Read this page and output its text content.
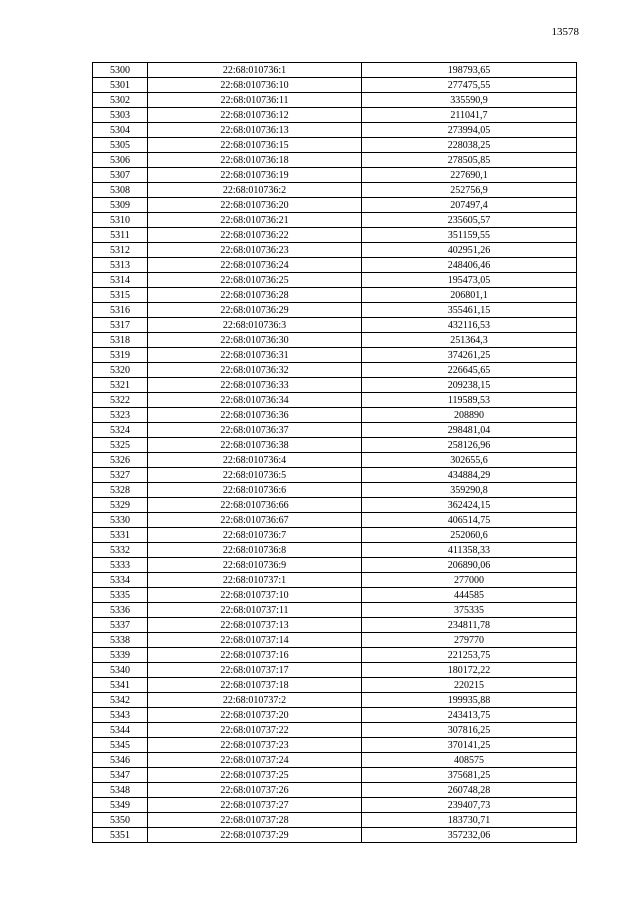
13578
5300	22:68:010736:1	198793,65
5301	22:68:010736:10	277475,55
5302	22:68:010736:11	335590,9
5303	22:68:010736:12	211041,7
5304	22:68:010736:13	273994,05
5305	22:68:010736:15	228038,25
5306	22:68:010736:18	278505,85
5307	22:68:010736:19	227690,1
5308	22:68:010736:2	252756,9
5309	22:68:010736:20	207497,4
5310	22:68:010736:21	235605,57
5311	22:68:010736:22	351159,55
5312	22:68:010736:23	402951,26
5313	22:68:010736:24	248406,46
5314	22:68:010736:25	195473,05
5315	22:68:010736:28	206801,1
5316	22:68:010736:29	355461,15
5317	22:68:010736:3	432116,53
5318	22:68:010736:30	251364,3
5319	22:68:010736:31	374261,25
5320	22:68:010736:32	226645,65
5321	22:68:010736:33	209238,15
5322	22:68:010736:34	119589,53
5323	22:68:010736:36	208890
5324	22:68:010736:37	298481,04
5325	22:68:010736:38	258126,96
5326	22:68:010736:4	302655,6
5327	22:68:010736:5	434884,29
5328	22:68:010736:6	359290,8
5329	22:68:010736:66	362424,15
5330	22:68:010736:67	406514,75
5331	22:68:010736:7	252060,6
5332	22:68:010736:8	411358,33
5333	22:68:010736:9	206890,06
5334	22:68:010737:1	277000
5335	22:68:010737:10	444585
5336	22:68:010737:11	375335
5337	22:68:010737:13	234811,78
5338	22:68:010737:14	279770
5339	22:68:010737:16	221253,75
5340	22:68:010737:17	180172,22
5341	22:68:010737:18	220215
5342	22:68:010737:2	199935,88
5343	22:68:010737:20	243413,75
5344	22:68:010737:22	307816,25
5345	22:68:010737:23	370141,25
5346	22:68:010737:24	408575
5347	22:68:010737:25	375681,25
5348	22:68:010737:26	260748,28
5349	22:68:010737:27	239407,73
5350	22:68:010737:28	183730,71
5351	22:68:010737:29	357232,06
